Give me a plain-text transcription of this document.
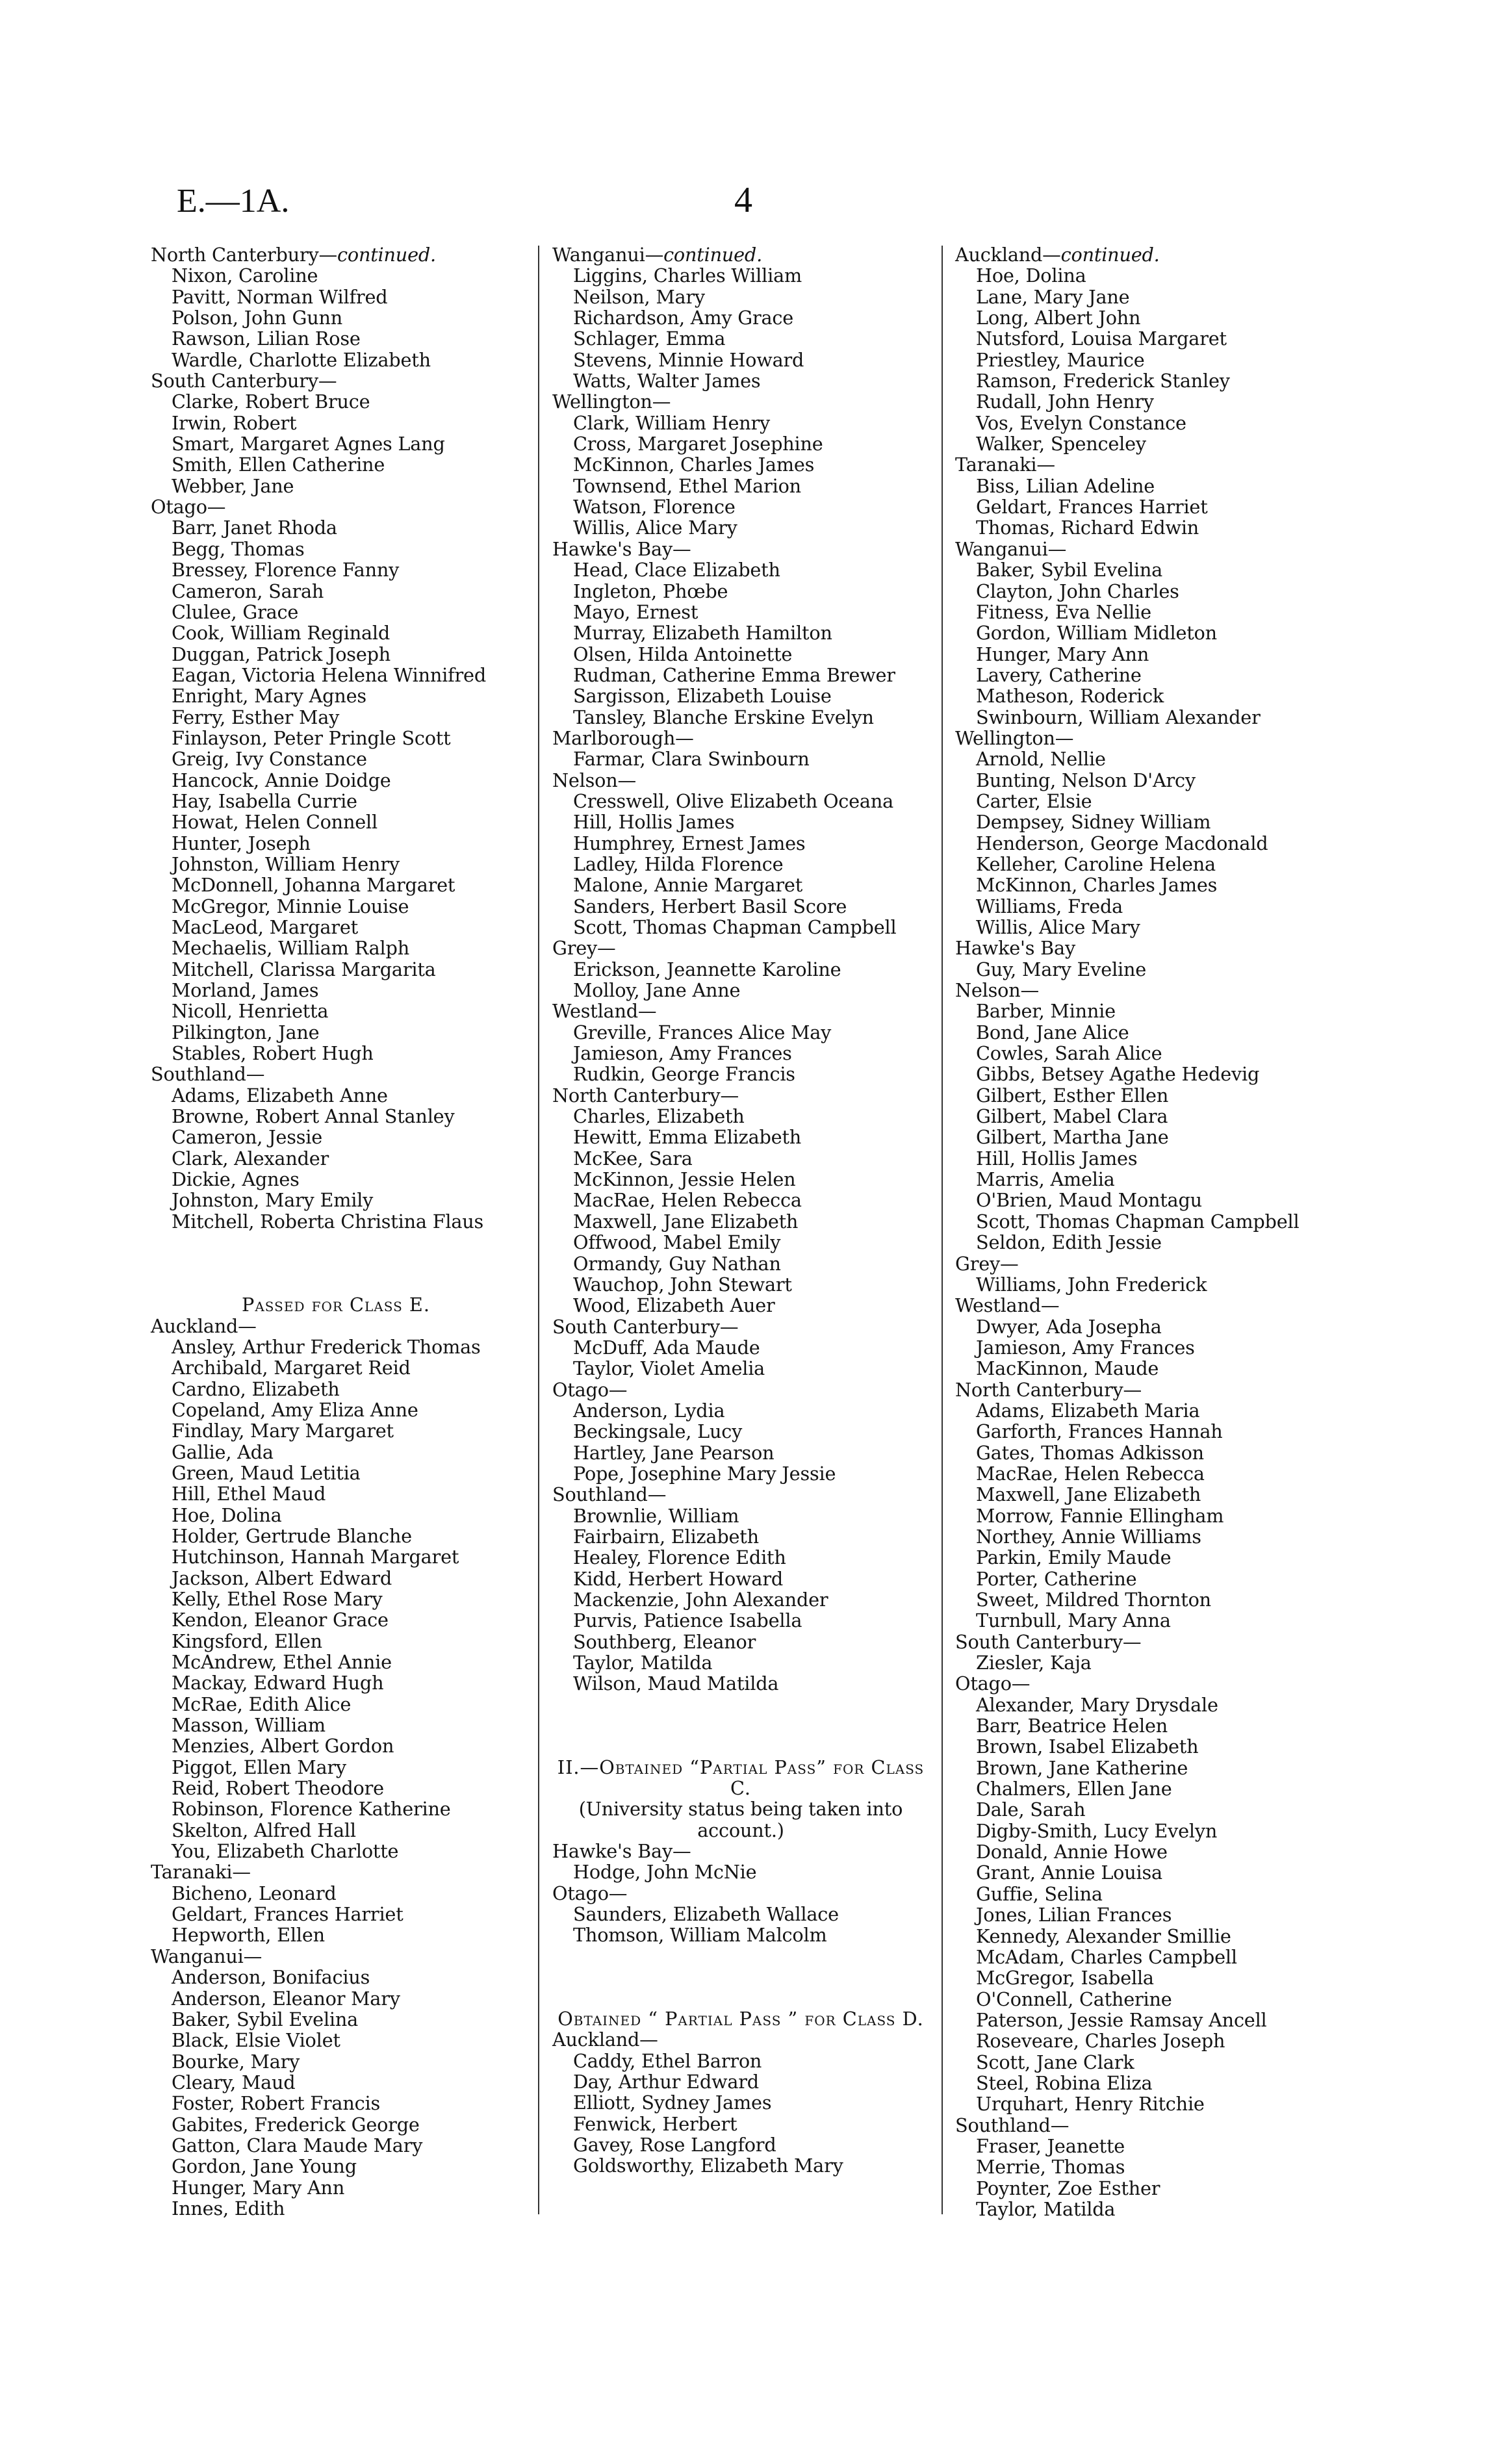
E.—1A.	4
North Canterbury—continued.
Nixon, Caroline
Pavitt, Norman Wilfred
Polson, John Gunn
Rawson, Lilian Rose
Wardle, Charlotte Elizabeth
South Canterbury—
Clarke, Robert Bruce
Irwin, Robert
Smart, Margaret Agnes Lang
Smith, Ellen Catherine
Webber, Jane
Otago—
Barr, Janet Rhoda
Begg, Thomas
Bressey, Florence Fanny
Cameron, Sarah
Clulee, Grace
Cook, William Reginald
Duggan, Patrick Joseph
Eagan, Victoria Helena Winnifred
Enright, Mary Agnes
Ferry, Esther May
Finlayson, Peter Pringle Scott
Greig, Ivy Constance
Hancock, Annie Doidge
Hay, Isabella Currie
Howat, Helen Connell
Hunter, Joseph
Johnston, William Henry
McDonnell, Johanna Margaret
McGregor, Minnie Louise
MacLeod, Margaret
Mechaelis, William Ralph
Mitchell, Clarissa Margarita
Morland, James
Nicoll, Henrietta
Pilkington, Jane
Stables, Robert Hugh
Southland—
Adams, Elizabeth Anne
Browne, Robert Annal Stanley
Cameron, Jessie
Clark, Alexander
Dickie, Agnes
Johnston, Mary Emily
Mitchell, Roberta Christina Flaus
Passed for Class E.
Auckland—
Ansley, Arthur Frederick Thomas
Archibald, Margaret Reid
Cardno, Elizabeth
Copeland, Amy Eliza Anne
Findlay, Mary Margaret
Gallie, Ada
Green, Maud Letitia
Hill, Ethel Maud
Hoe, Dolina
Holder, Gertrude Blanche
Hutchinson, Hannah Margaret
Jackson, Albert Edward
Kelly, Ethel Rose Mary
Kendon, Eleanor Grace
Kingsford, Ellen
McAndrew, Ethel Annie
Mackay, Edward Hugh
McRae, Edith Alice
Masson, William
Menzies, Albert Gordon
Piggot, Ellen Mary
Reid, Robert Theodore
Robinson, Florence Katherine
Skelton, Alfred Hall
You, Elizabeth Charlotte
Taranaki—
Bicheno, Leonard
Geldart, Frances Harriet
Hepworth, Ellen
Wanganui—
Anderson, Bonifacius
Anderson, Eleanor Mary
Baker, Sybil Evelina
Black, Elsie Violet
Bourke, Mary
Cleary, Maud
Foster, Robert Francis
Gabites, Frederick George
Gatton, Clara Maude Mary
Gordon, Jane Young
Hunger, Mary Ann
Innes, Edith
Wanganui—continued.
Liggins, Charles William
Neilson, Mary
Richardson, Amy Grace
Schlager, Emma
Stevens, Minnie Howard
Watts, Walter James
Wellington—
Clark, William Henry
Cross, Margaret Josephine
McKinnon, Charles James
Townsend, Ethel Marion
Watson, Florence
Willis, Alice Mary
Hawke's Bay—
Head, Clace Elizabeth
Ingleton, Phœbe
Mayo, Ernest
Murray, Elizabeth Hamilton
Olsen, Hilda Antoinette
Rudman, Catherine Emma Brewer
Sargisson, Elizabeth Louise
Tansley, Blanche Erskine Evelyn
Marlborough—
Farmar, Clara Swinbourn
Nelson—
Cresswell, Olive Elizabeth Oceana
Hill, Hollis James
Humphrey, Ernest James
Ladley, Hilda Florence
Malone, Annie Margaret
Sanders, Herbert Basil Score
Scott, Thomas Chapman Campbell
Grey—
Erickson, Jeannette Karoline
Molloy, Jane Anne
Westland—
Greville, Frances Alice May
Jamieson, Amy Frances
Rudkin, George Francis
North Canterbury—
Charles, Elizabeth
Hewitt, Emma Elizabeth
McKee, Sara
McKinnon, Jessie Helen
MacRae, Helen Rebecca
Maxwell, Jane Elizabeth
Offwood, Mabel Emily
Ormandy, Guy Nathan
Wauchop, John Stewart
Wood, Elizabeth Auer
South Canterbury—
McDuff, Ada Maude
Taylor, Violet Amelia
Otago—
Anderson, Lydia
Beckingsale, Lucy
Hartley, Jane Pearson
Pope, Josephine Mary Jessie
Southland—
Brownlie, William
Fairbairn, Elizabeth
Healey, Florence Edith
Kidd, Herbert Howard
Mackenzie, John Alexander
Purvis, Patience Isabella
Southberg, Eleanor
Taylor, Matilda
Wilson, Maud Matilda
II.—Obtained “Partial Pass” for Class C.
(University status being taken into account.)
Hawke's Bay—
Hodge, John McNie
Otago—
Saunders, Elizabeth Wallace
Thomson, William Malcolm
Obtained “ Partial Pass ” for Class D.
Auckland—
Caddy, Ethel Barron
Day, Arthur Edward
Elliott, Sydney James
Fenwick, Herbert
Gavey, Rose Langford
Goldsworthy, Elizabeth Mary
Auckland—continued.
Hoe, Dolina
Lane, Mary Jane
Long, Albert John
Nutsford, Louisa Margaret
Priestley, Maurice
Ramson, Frederick Stanley
Rudall, John Henry
Vos, Evelyn Constance
Walker, Spenceley
Taranaki—
Biss, Lilian Adeline
Geldart, Frances Harriet
Thomas, Richard Edwin
Wanganui—
Baker, Sybil Evelina
Clayton, John Charles
Fitness, Eva Nellie
Gordon, William Midleton
Hunger, Mary Ann
Lavery, Catherine
Matheson, Roderick
Swinbourn, William Alexander
Wellington—
Arnold, Nellie
Bunting, Nelson D'Arcy
Carter, Elsie
Dempsey, Sidney William
Henderson, George Macdonald
Kelleher, Caroline Helena
McKinnon, Charles James
Williams, Freda
Willis, Alice Mary
Hawke's Bay
Guy, Mary Eveline
Nelson—
Barber, Minnie
Bond, Jane Alice
Cowles, Sarah Alice
Gibbs, Betsey Agathe Hedevig
Gilbert, Esther Ellen
Gilbert, Mabel Clara
Gilbert, Martha Jane
Hill, Hollis James
Marris, Amelia
O'Brien, Maud Montagu
Scott, Thomas Chapman Campbell
Seldon, Edith Jessie
Grey—
Williams, John Frederick
Westland—
Dwyer, Ada Josepha
Jamieson, Amy Frances
MacKinnon, Maude
North Canterbury—
Adams, Elizabeth Maria
Garforth, Frances Hannah
Gates, Thomas Adkisson
MacRae, Helen Rebecca
Maxwell, Jane Elizabeth
Morrow, Fannie Ellingham
Northey, Annie Williams
Parkin, Emily Maude
Porter, Catherine
Sweet, Mildred Thornton
Turnbull, Mary Anna
South Canterbury—
Ziesler, Kaja
Otago—
Alexander, Mary Drysdale
Barr, Beatrice Helen
Brown, Isabel Elizabeth
Brown, Jane Katherine
Chalmers, Ellen Jane
Dale, Sarah
Digby-Smith, Lucy Evelyn
Donald, Annie Howe
Grant, Annie Louisa
Guffie, Selina
Jones, Lilian Frances
Kennedy, Alexander Smillie
McAdam, Charles Campbell
McGregor, Isabella
O'Connell, Catherine
Paterson, Jessie Ramsay Ancell
Roseveare, Charles Joseph
Scott, Jane Clark
Steel, Robina Eliza
Urquhart, Henry Ritchie
Southland—
Fraser, Jeanette
Merrie, Thomas
Poynter, Zoe Esther
Taylor, Matilda
